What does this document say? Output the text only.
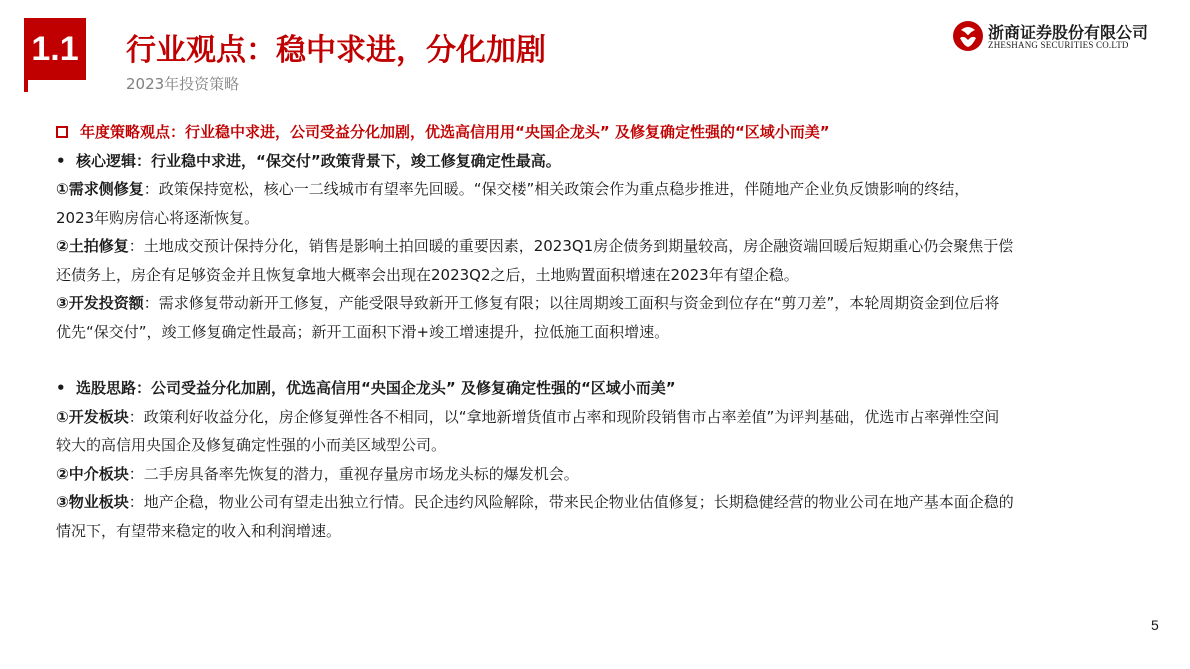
1.1 行业观点：稳中求进，分化加剧
2023年投资策略
浙商证券股份有限公司
ZHESHANG SECURITIES CO.LTD
年度策略观点：行业稳中求进，公司受益分化加剧，优选高信用用“央国企龙头” 及修复确定性强的“区域小而美”
• 核心逻辑：行业稳中求进，“保交付”政策背景下，竣工修复确定性最高。
①需求侧修复：政策保持宽松，核心一二线城市有望率先回暖。“保交楼”相关政策会作为重点稳步推进，伴随地产企业负反馈影响的终结，
2023年购房信心将逐渐恢复。
②土拍修复：土地成交预计保持分化，销售是影响土拍回暖的重要因素，2023Q1房企债务到期量较高，房企融资端回暖后短期重心仍会聚焦于偿
还债务上，房企有足够资金并且恢复拿地大概率会出现在2023Q2之后，土地购置面积增速在2023年有望企稳。
③开发投资额：需求修复带动新开工修复，产能受限导致新开工修复有限；以往周期竣工面积与资金到位存在“剪刀差”，本轮周期资金到位后将
优先“保交付”，竣工修复确定性最高；新开工面积下滑+竣工增速提升，拉低施工面积增速。
• 选股思路：公司受益分化加剧，优选高信用“央国企龙头” 及修复确定性强的“区域小而美”
①开发板块：政策利好收益分化，房企修复弹性各不相同，以“拿地新增货值市占率和现阶段销售市占率差值”为评判基础，优选市占率弹性空间
较大的高信用央国企及修复确定性强的小而美区域型公司。
②中介板块：二手房具备率先恢复的潜力，重视存量房市场龙头标的爆发机会。
③物业板块：地产企稳，物业公司有望走出独立行情。民企违约风险解除，带来民企物业估值修复；长期稳健经营的物业公司在地产基本面企稳的
情况下，有望带来稳定的收入和利润增速。
5
